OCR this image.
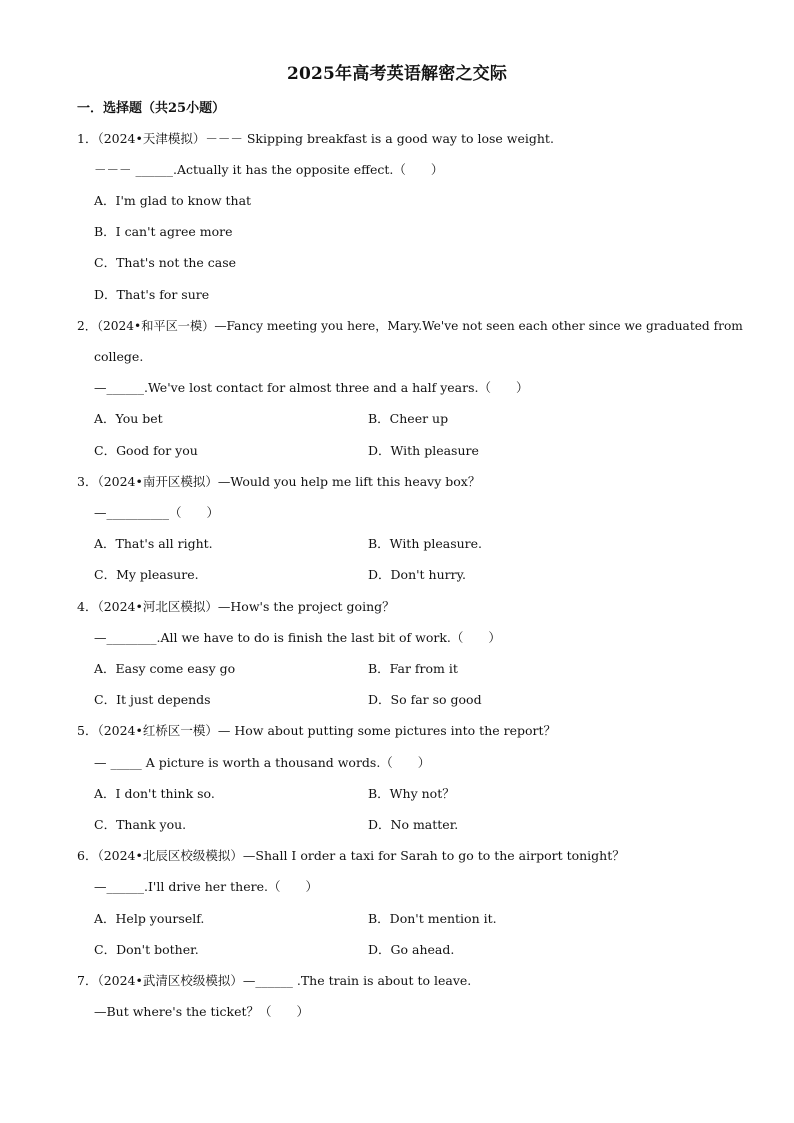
2025年高考英语解密之交际
一．选择题（共25小题）
1．（2024•天津模拟）－－－ Skipping breakfast is a good way to lose weight.
－－－ ______.Actually it has the opposite effect.（　　）
A．I'm glad to know that
B．I can't agree more
C．That's not the case
D．That's for sure
2．（2024•和平区一模）—Fancy meeting you here，Mary.We've not seen each other since we graduated from
college.
—______.We've lost contact for almost three and a half years.（　　）
A．You bet	B．Cheer up
C．Good for you	D．With pleasure
3．（2024•南开区模拟）—Would you help me lift this heavy box？
—__________（　　）
A．That's all right.	B．With pleasure.
C．My pleasure.	D．Don't hurry.
4．（2024•河北区模拟）—How's the project going？
—________.All we have to do is finish the last bit of work.（　　）
A．Easy come easy go	B．Far from it
C．It just depends	D．So far so good
5．（2024•红桥区一模）— How about putting some pictures into the report？
— _____ A picture is worth a thousand words.（　　）
A．I don't think so.	B．Why not？
C．Thank you.	D．No matter.
6．（2024•北辰区校级模拟）—Shall I order a taxi for Sarah to go to the airport tonight？
—______.I'll drive her there.（　　）
A．Help yourself.	B．Don't mention it.
C．Don't bother.	D．Go ahead.
7．（2024•武清区校级模拟）—______ .The train is about to leave.
—But where's the ticket？（　　）
